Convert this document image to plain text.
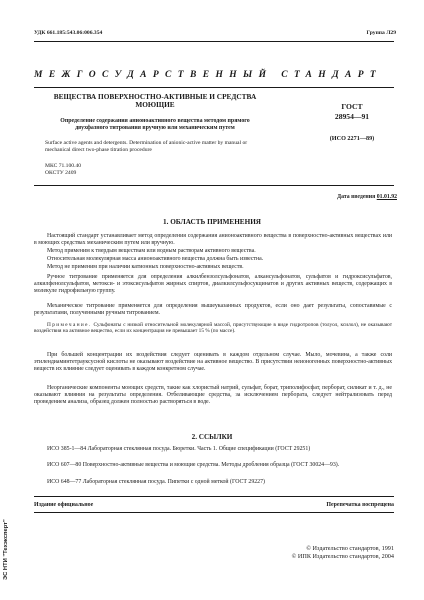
УДК 661.185:543.06:006.354	Группа Л29
МЕЖГОСУДАРСТВЕННЫЙ СТАНДАРТ
ВЕЩЕСТВА ПОВЕРХНОСТНО-АКТИВНЫЕ И СРЕДСТВА МОЮЩИЕ
Определение содержания анионоактивного вещества методом прямого двухфазного титрования вручную или механическим путем
Surface active agents and detergents. Determination of anionic-active matter by manual or mechanical direct two-phase titration procedure
МКС 71.100.40
ОКСТУ 2409
ГОСТ
28954—91
(ИСО 2271—89)
Дата введения 01.01.92
1. ОБЛАСТЬ ПРИМЕНЕНИЯ
Настоящий стандарт устанавливает метод определения содержания анионоактивного вещества в поверхностно-активных веществах или в моющих средствах механическим путем или вручную.
Метод применим к твердым веществам или водным растворам активного вещества.
Относительная молекулярная масса анионоактивного вещества должна быть известна.
Метод не применим при наличии катионных поверхностно-активных веществ.
Ручное титрование применяется для определения алкилбензолсульфонатов, алкансульфонатов, сульфатов и гидроксисульфатов, алкилфенолсульфатов, метокси- и этоксисульфатов жирных спиртов, диалкилсульфосукцинатов и других активных веществ, содержащих в молекуле гидрофильную группу.
Механическое титрование применяется для определения вышеуказанных продуктов, если оно дает результаты, сопоставимые с результатами, полученными ручным титрованием.
Примечание. Сульфонаты с низкой относительной молекулярной массой, присутствующие в виде гидротропов (толуол, ксилол), не оказывают воздействия на активное вещество, если их концентрация не превышает 15 % (по массе).
При большей концентрации их воздействия следует оценивать в каждом отдельном случае. Мыло, мочевина, а также соли этилендиаминтетрауксусной кислоты не оказывают воздействие на активное вещество. В присутствии неионогенных поверхностно-активных веществ их влияние следует оценивать в каждом конкретном случае.
Неорганические компоненты моющих средств, такие как хлористый натрий, сульфат, борат, триполифосфат, перборат, силикат и т. д., не оказывают влияния на результаты определения. Отбеливающие средства, за исключением пербората, следует нейтрализовать перед проведением анализа, образец должен полностью растворяться в воде.
2. ССЫЛКИ
ИСО 385-1—84 Лабораторная стеклянная посуда. Бюретки. Часть 1. Общие спецификации (ГОСТ 29251)
ИСО 607—80 Поверхностно-активные вещества и моющие средства. Методы дробления образца (ГОСТ 30024—93).
ИСО 648—77 Лабораторная стеклянная посуда. Пипетки с одной меткой (ГОСТ 29227)
Издание официальное	Перепечатка воспрещена
© Издательство стандартов, 1991
© ИПК Издательство стандартов, 2004
ЭС НТИ "Техэксперт"
